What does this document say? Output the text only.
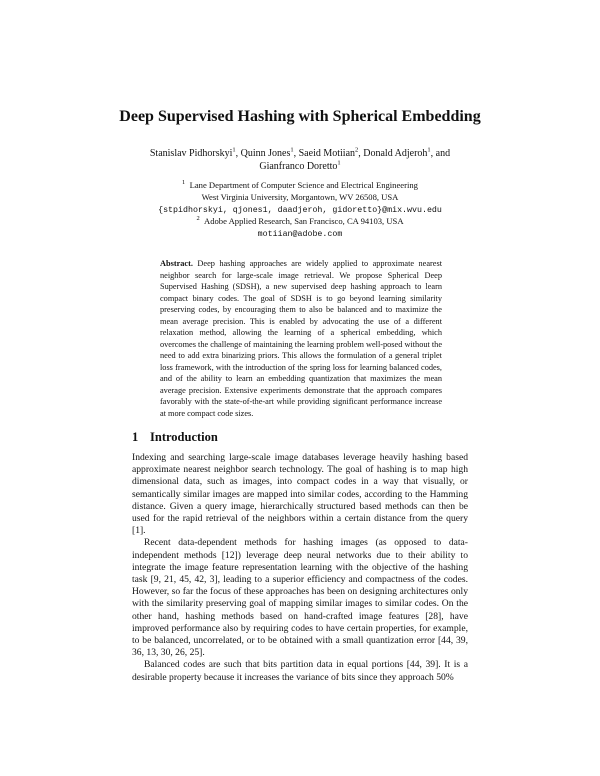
Deep Supervised Hashing with Spherical Embedding
Stanislav Pidhorskyi$^1$, Quinn Jones$^1$, Saeid Motiian$^2$, Donald Adjeroh$^1$, and
Gianfranco Doretto$^1$
$^1$ Lane Department of Computer Science and Electrical Engineering
West Virginia University, Morgantown, WV 26508, USA
{stpidhorskyi, qjones1, daadjeroh, gidoretto}@mix.wvu.edu
$^2$ Adobe Applied Research, San Francisco, CA 94103, USA
motiian@adobe.com
Abstract. Deep hashing approaches are widely applied to approximate nearest neighbor search for large-scale image retrieval. We propose Spherical Deep Supervised Hashing (SDSH), a new supervised deep hashing approach to learn compact binary codes. The goal of SDSH is to go beyond learning similarity preserving codes, by encouraging them to also be balanced and to maximize the mean average precision. This is enabled by advocating the use of a different relaxation method, allowing the learning of a spherical embedding, which overcomes the challenge of maintaining the learning problem well-posed without the need to add extra binarizing priors. This allows the formulation of a general triplet loss framework, with the introduction of the spring loss for learning balanced codes, and of the ability to learn an embedding quantization that maximizes the mean average precision. Extensive experiments demonstrate that the approach compares favorably with the state-of-the-art while providing significant performance increase at more compact code sizes.
1 Introduction

Indexing and searching large-scale image databases leverage heavily hashing based approximate nearest neighbor search technology. The goal of hashing is to map high dimensional data, such as images, into compact codes in a way that visually, or semantically similar images are mapped into similar codes, according to the Hamming distance. Given a query image, hierarchically structured based methods can then be used for the rapid retrieval of the neighbors within a certain distance from the query [1].

Recent data-dependent methods for hashing images (as opposed to data-independent methods [12]) leverage deep neural networks due to their ability to integrate the image feature representation learning with the objective of the hashing task [9, 21, 45, 42, 3], leading to a superior efficiency and compactness of the codes. However, so far the focus of these approaches has been on designing architectures only with the similarity preserving goal of mapping similar images to similar codes. On the other hand, hashing methods based on hand-crafted image features [28], have improved performance also by requiring codes to have certain properties, for example, to be balanced, uncorrelated, or to be obtained with a small quantization error [44, 39, 36, 13, 30, 26, 25].

Balanced codes are such that bits partition data in equal portions [44, 39]. It is a desirable property because it increases the variance of bits since they approach 50%
